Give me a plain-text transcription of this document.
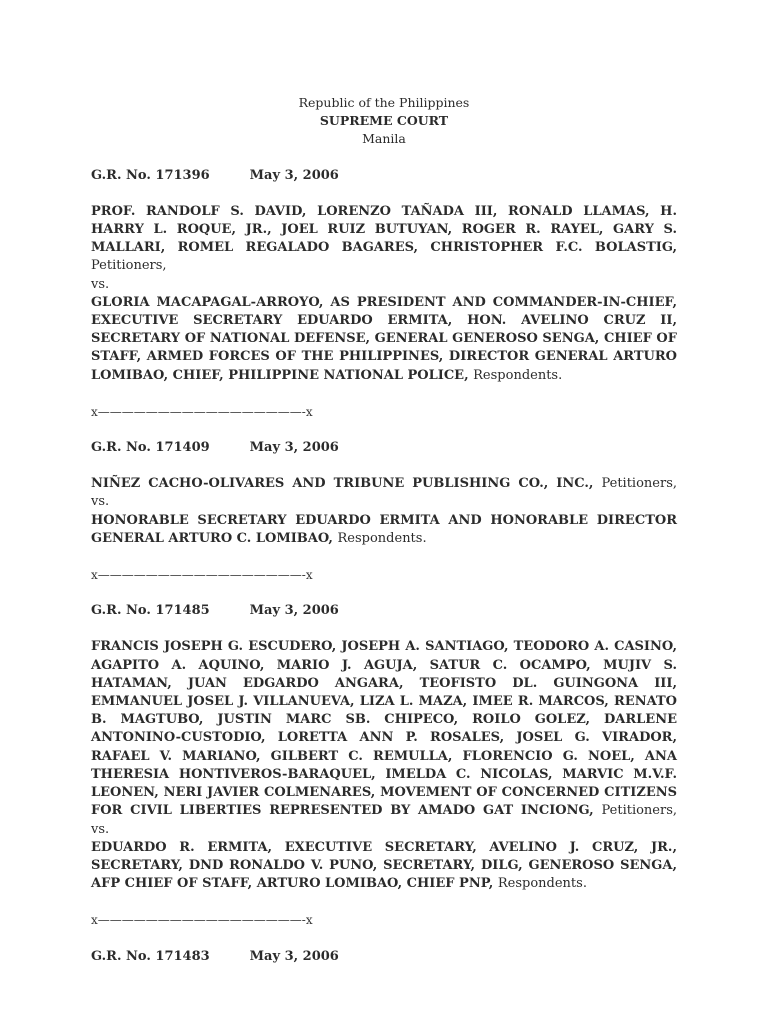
Republic of the Philippines
SUPREME COURT
Manila
G.R. No. 171396	May 3, 2006
PROF. RANDOLF S. DAVID, LORENZO TAÑADA III, RONALD LLAMAS, H. HARRY L. ROQUE, JR., JOEL RUIZ BUTUYAN, ROGER R. RAYEL, GARY S. MALLARI, ROMEL REGALADO BAGARES, CHRISTOPHER F.C. BOLASTIG, Petitioners,
vs.
GLORIA MACAPAGAL-ARROYO, AS PRESIDENT AND COMMANDER-IN-CHIEF, EXECUTIVE SECRETARY EDUARDO ERMITA, HON. AVELINO CRUZ II, SECRETARY OF NATIONAL DEFENSE, GENERAL GENEROSO SENGA, CHIEF OF STAFF, ARMED FORCES OF THE PHILIPPINES, DIRECTOR GENERAL ARTURO LOMIBAO, CHIEF, PHILIPPINE NATIONAL POLICE, Respondents.
x—————————————————-x
G.R. No. 171409	May 3, 2006
NIÑEZ CACHO-OLIVARES AND TRIBUNE PUBLISHING CO., INC., Petitioners,
vs.
HONORABLE SECRETARY EDUARDO ERMITA AND HONORABLE DIRECTOR GENERAL ARTURO C. LOMIBAO, Respondents.
x—————————————————-x
G.R. No. 171485	May 3, 2006
FRANCIS JOSEPH G. ESCUDERO, JOSEPH A. SANTIAGO, TEODORO A. CASINO, AGAPITO A. AQUINO, MARIO J. AGUJA, SATUR C. OCAMPO, MUJIV S. HATAMAN, JUAN EDGARDO ANGARA, TEOFISTO DL. GUINGONA III, EMMANUEL JOSEL J. VILLANUEVA, LIZA L. MAZA, IMEE R. MARCOS, RENATO B. MAGTUBO, JUSTIN MARC SB. CHIPECO, ROILO GOLEZ, DARLENE ANTONINO-CUSTODIO, LORETTA ANN P. ROSALES, JOSEL G. VIRADOR, RAFAEL V. MARIANO, GILBERT C. REMULLA, FLORENCIO G. NOEL, ANA THERESIA HONTIVEROS-BARAQUEL, IMELDA C. NICOLAS, MARVIC M.V.F. LEONEN, NERI JAVIER COLMENARES, MOVEMENT OF CONCERNED CITIZENS FOR CIVIL LIBERTIES REPRESENTED BY AMADO GAT INCIONG, Petitioners,
vs.
EDUARDO R. ERMITA, EXECUTIVE SECRETARY, AVELINO J. CRUZ, JR., SECRETARY, DND RONALDO V. PUNO, SECRETARY, DILG, GENEROSO SENGA, AFP CHIEF OF STAFF, ARTURO LOMIBAO, CHIEF PNP, Respondents.
x—————————————————-x
G.R. No. 171483	May 3, 2006
